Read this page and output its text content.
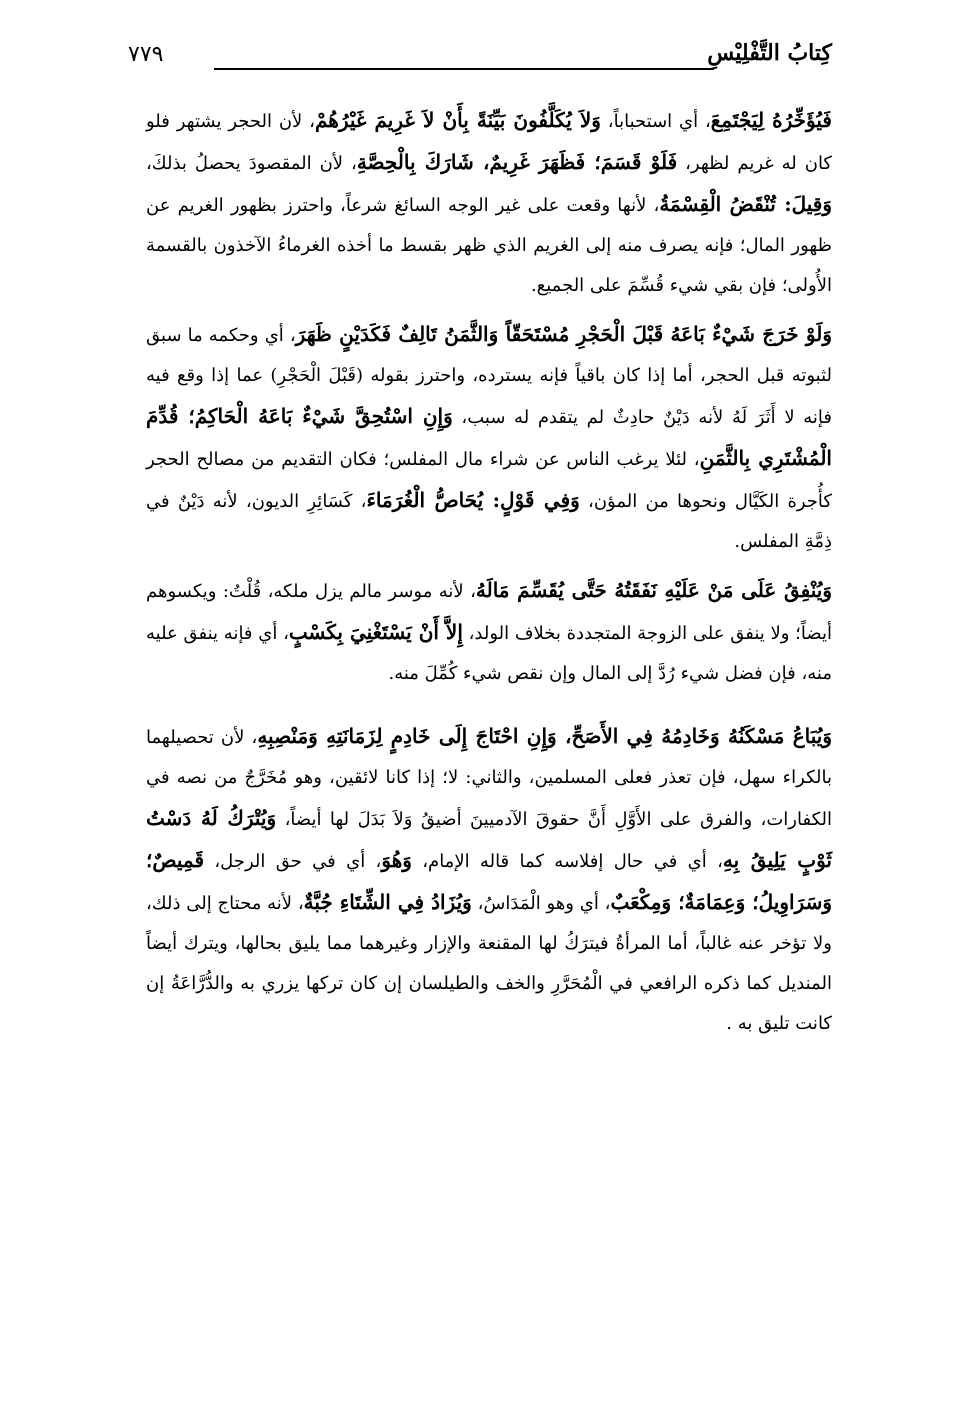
كِتابُ التَّفْلِيْسِ
٧٧٩

فَيُؤَخِّرُهُ لِيَجْتَمِعَ، أي استحباباً، وَلاَ يُكَلَّفُونَ بَيِّنَةً بِأَنْ لاَ غَرِيمَ غَيْرُهُمْ، لأن الحجر يشتهر فلو كان له غريم لظهر، فَلَوْ قَسَمَ؛ فَظَهَرَ غَرِيمٌ، شَارَكَ بِالْحِصَّةِ، لأن المقصودَ يحصلُ بذلكَ، وَقِيلَ: تُنْقَضُ الْقِسْمَةُ، لأنها وقعت على غير الوجه السائغ شرعاً، واحترز بظهور الغريم عن ظهور المال؛ فإنه يصرف منه إلى الغريم الذي ظهر بقسط ما أخذه الغرماءُ الآخذون بالقسمة الأُولى؛ فإن بقي شيء قُسِّمَ على الجميع.

وَلَوْ خَرَجَ شَيْءٌ بَاعَهُ قَبْلَ الْحَجْرِ مُسْتَحَقّاً وَالثَّمَنُ تَالِفٌ فَكَدَيْنٍ ظَهَرَ، أي وحكمه ما سبق لثبوته قبل الحجر، أما إذا كان باقياً فإنه يسترده، واحترز بقوله (قَبْلَ الْحَجْرِ) عما إذا وقع فيه فإنه لا أَثَرَ لَهُ لأنه دَيْنٌ حادِثٌ لم يتقدم له سبب، وَإِنِ اسْتُحِقَّ شَيْءٌ بَاعَهُ الْحَاكِمُ؛ قُدِّمَ الْمُشْتَرِي بِالثَّمَنِ، لئلا يرغب الناس عن شراء مال المفلس؛ فكان التقديم من مصالح الحجر كأُجرة الكَيَّال ونحوها من المؤن، وَفِي قَوْلٍ: يُحَاصُّ الْغُرَمَاءَ، كَسَائِرِ الديون، لأنه دَيْنٌ في ذِمَّةِ المفلس.

وَيُنْفِقُ عَلَى مَنْ عَلَيْهِ نَفَقَتُهُ حَتَّى يُقَسِّمَ مَالَهُ، لأنه موسر مالم يزل ملكه، قُلْتُ: ويكسوهم أيضاً؛ ولا ينفق على الزوجة المتجددة بخلاف الولد، إِلاَّ أَنْ يَسْتَغْنِيَ بِكَسْبٍ، أي فإنه ينفق عليه منه، فإن فضل شيء رُدَّ إلى المال وإن نقص شيء كُمِّلَ منه.

وَيُبَاعُ مَسْكَنُهُ وَخَادِمُهُ فِي الأَصَحِّ، وَإِنِ احْتَاجَ إِلَى خَادِمٍ لِزَمَانَتِهِ وَمَنْصِبِهِ، لأن تحصيلهما بالكراء سهل، فإن تعذر فعلى المسلمين، والثاني: لا؛ إذا كانا لائقين، وهو مُخَرَّجٌ من نصه في الكفارات، والفرق على الأَوَّلِ أَنَّ حقوقَ الآدميينَ أضيقُ وَلاَ بَدَلَ لها أيضاً، وَيُتْرَكُ لَهُ دَسْتُ ثَوْبٍ يَلِيقُ بِهِ، أي في حال إفلاسه كما قاله الإمام، وَهُوَ، أي في حق الرجل، قَمِيصٌ؛ وَسَرَاوِيلُ؛ وَعِمَامَةٌ؛ وَمِكْعَبٌ، أي وهو الْمَدَاسُ، وَيُزَادُ فِي الشِّتَاءِ جُبَّةٌ، لأنه محتاج إلى ذلك، ولا تؤخر عنه غالباً، أما المرأةُ فيترَكُ لها المقنعة والإزار وغيرهما مما يليق بحالها، ويترك أيضاً المنديل كما ذكره الرافعي في الْمُحَرَّرِ والخف والطيلسان إن كان تركها يزري به والدُّرَّاعَةُ إن كانت تليق به .
